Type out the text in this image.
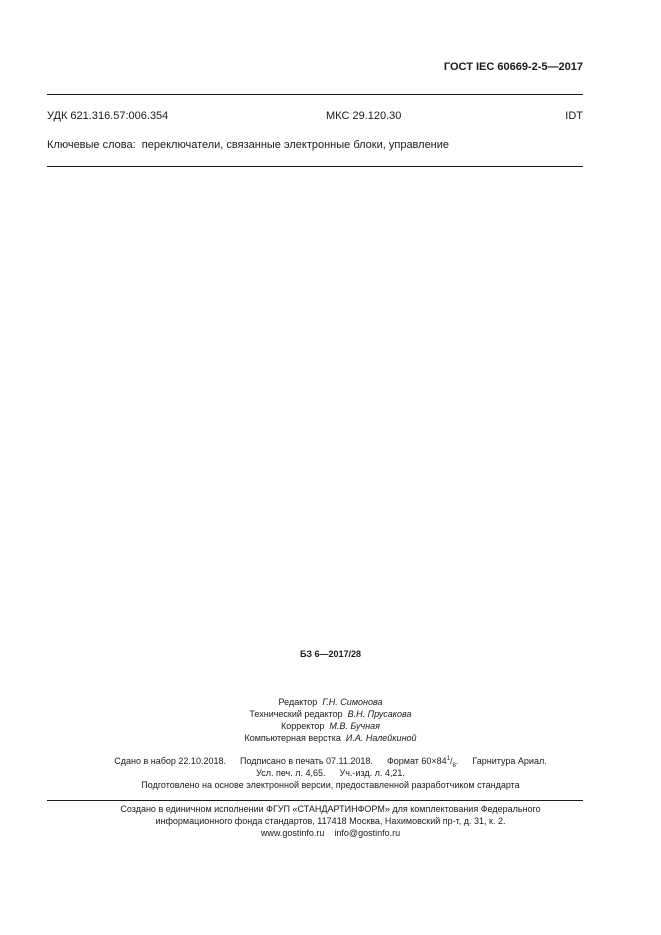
ГОСТ IEC 60669-2-5—2017
УДК 621.316.57:006.354	МКС 29.120.30	IDT
Ключевые слова: переключатели, связанные электронные блоки, управление
БЗ 6—2017/28
Редактор Г.Н. Симонова
Технический редактор В.Н. Прусакова
Корректор М.В. Бучная
Компьютерная верстка И.А. Налейкиной
Сдано в набор 22.10.2018. Подписано в печать 07.11.2018. Формат $60\times 84^1/_8$. Гарнитура Ариал.
Усл. печ. л. 4,65. Уч.-изд. л. 4,21.
Подготовлено на основе электронной версии, предоставленной разработчиком стандарта
Создано в единичном исполнении ФГУП «СТАНДАРТИНФОРМ» для комплектования Федерального
информационного фонда стандартов, 117418 Москва, Нахимовский пр-т, д. 31, к. 2.
www.gostinfo.ru info@gostinfo.ru
